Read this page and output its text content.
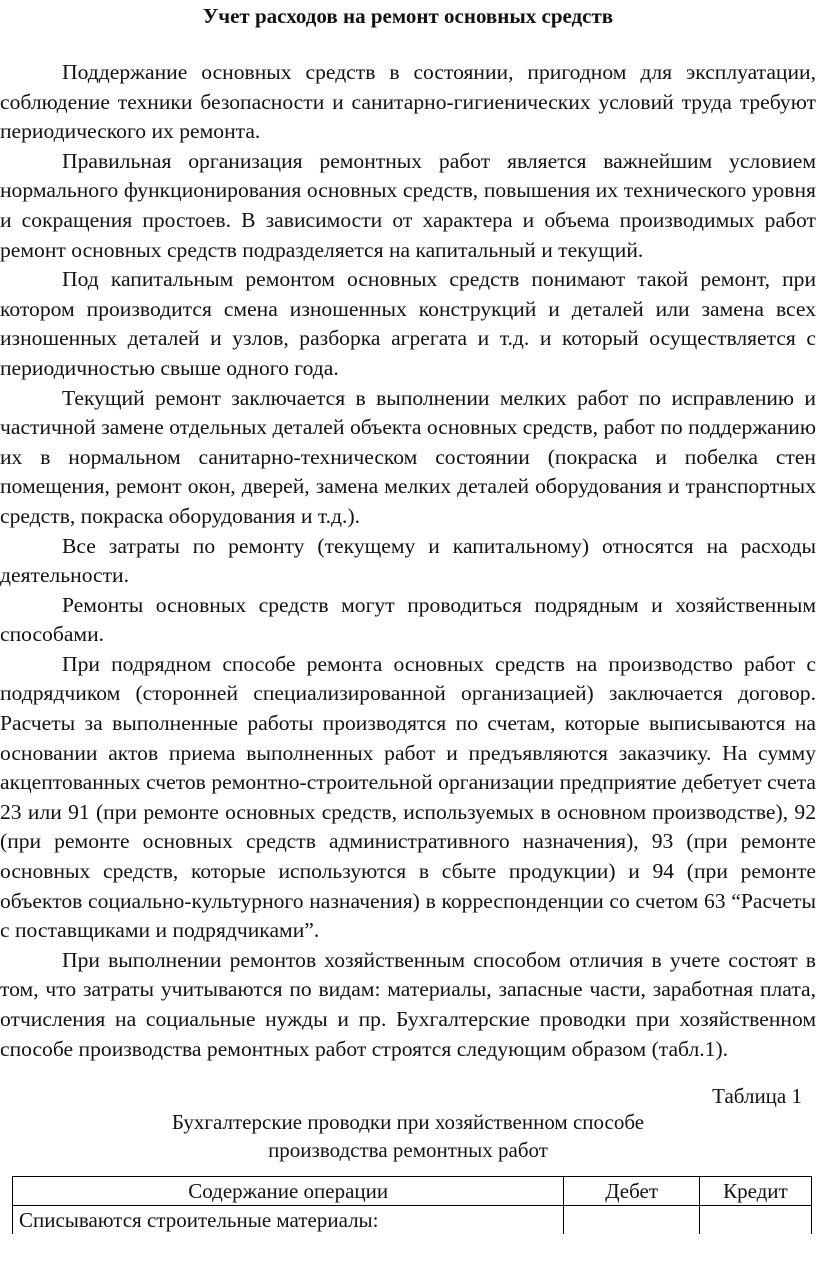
Учет расходов на ремонт основных средств

Поддержание основных средств в состоянии, пригодном для эксплуатации, соблюдение техники безопасности и санитарно-гигиенических условий труда требуют периодического их ремонта.

Правильная организация ремонтных работ является важнейшим условием нормального функционирования основных средств, повышения их технического уровня и сокращения простоев. В зависимости от характера и объема производимых работ ремонт основных средств подразделяется на капитальный и текущий.

Под капитальным ремонтом основных средств понимают такой ремонт, при котором производится смена изношенных конструкций и деталей или замена всех изношенных деталей и узлов, разборка агрегата и т.д. и который осуществляется с периодичностью свыше одного года.

Текущий ремонт заключается в выполнении мелких работ по исправлению и частичной замене отдельных деталей объекта основных средств, работ по поддержанию их в нормальном санитарно-техническом состоянии (покраска и побелка стен помещения, ремонт окон, дверей, замена мелких деталей оборудования и транспортных средств, покраска оборудования и т.д.).

Все затраты по ремонту (текущему и капитальному) относятся на расходы деятельности.

Ремонты основных средств могут проводиться подрядным и хозяйственным способами.

При подрядном способе ремонта основных средств на производство работ с подрядчиком (сторонней специализированной организацией) заключается договор. Расчеты за выполненные работы производятся по счетам, которые выписываются на основании актов приема выполненных работ и предъявляются заказчику. На сумму акцептованных счетов ремонтно-строительной организации предприятие дебетует счета 23 или 91 (при ремонте основных средств, используемых в основном производстве), 92 (при ремонте основных средств административного назначения), 93 (при ремонте основных средств, которые используются в сбыте продукции) и 94 (при ремонте объектов социально-культурного назначения) в корреспонденции со счетом 63 “Расчеты с поставщиками и подрядчиками”.

При выполнении ремонтов хозяйственным способом отличия в учете состоят в том, что затраты учитываются по видам: материалы, запасные части, заработная плата, отчисления на социальные нужды и пр. Бухгалтерские проводки при хозяйственном способе производства ремонтных работ строятся следующим образом (табл.1).

Таблица 1
Бухгалтерские проводки при хозяйственном способе
производства ремонтных работ
Содержание операции	Дебет	Кредит
Списываются строительные материалы:		
